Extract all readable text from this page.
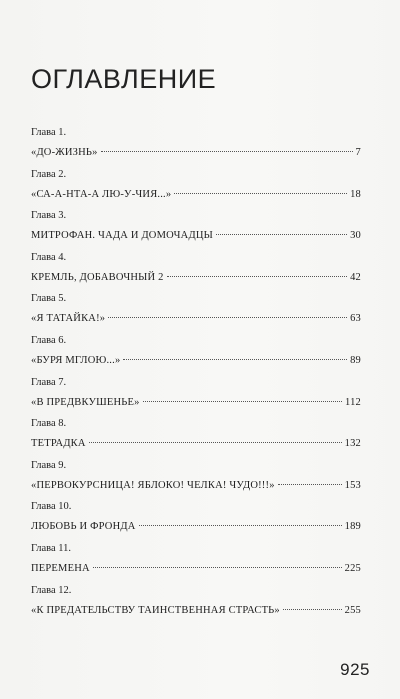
ОГЛАВЛЕНИЕ
Глава 1.
«ДО-ЖИЗНЬ»	7
Глава 2.
«СА-А-НТА-А ЛЮ-У-ЧИЯ...»	18
Глава 3.
МИТРОФАН. ЧАДА И ДОМОЧАДЦЫ	30
Глава 4.
КРЕМЛЬ, ДОБАВОЧНЫЙ 2	42
Глава 5.
«Я ТАТАЙКА!»	63
Глава 6.
«БУРЯ МГЛОЮ...»	89
Глава 7.
«В ПРЕДВКУШЕНЬЕ»	112
Глава 8.
ТЕТРАДКА	132
Глава 9.
«ПЕРВОКУРСНИЦА! ЯБЛОКО! ЧЕЛКА! ЧУДО!!!»	153
Глава 10.
ЛЮБОВЬ И ФРОНДА	189
Глава 11.
ПЕРЕМЕНА	225
Глава 12.
«К ПРЕДАТЕЛЬСТВУ ТАИНСТВЕННАЯ СТРАСТЬ»	255
925
